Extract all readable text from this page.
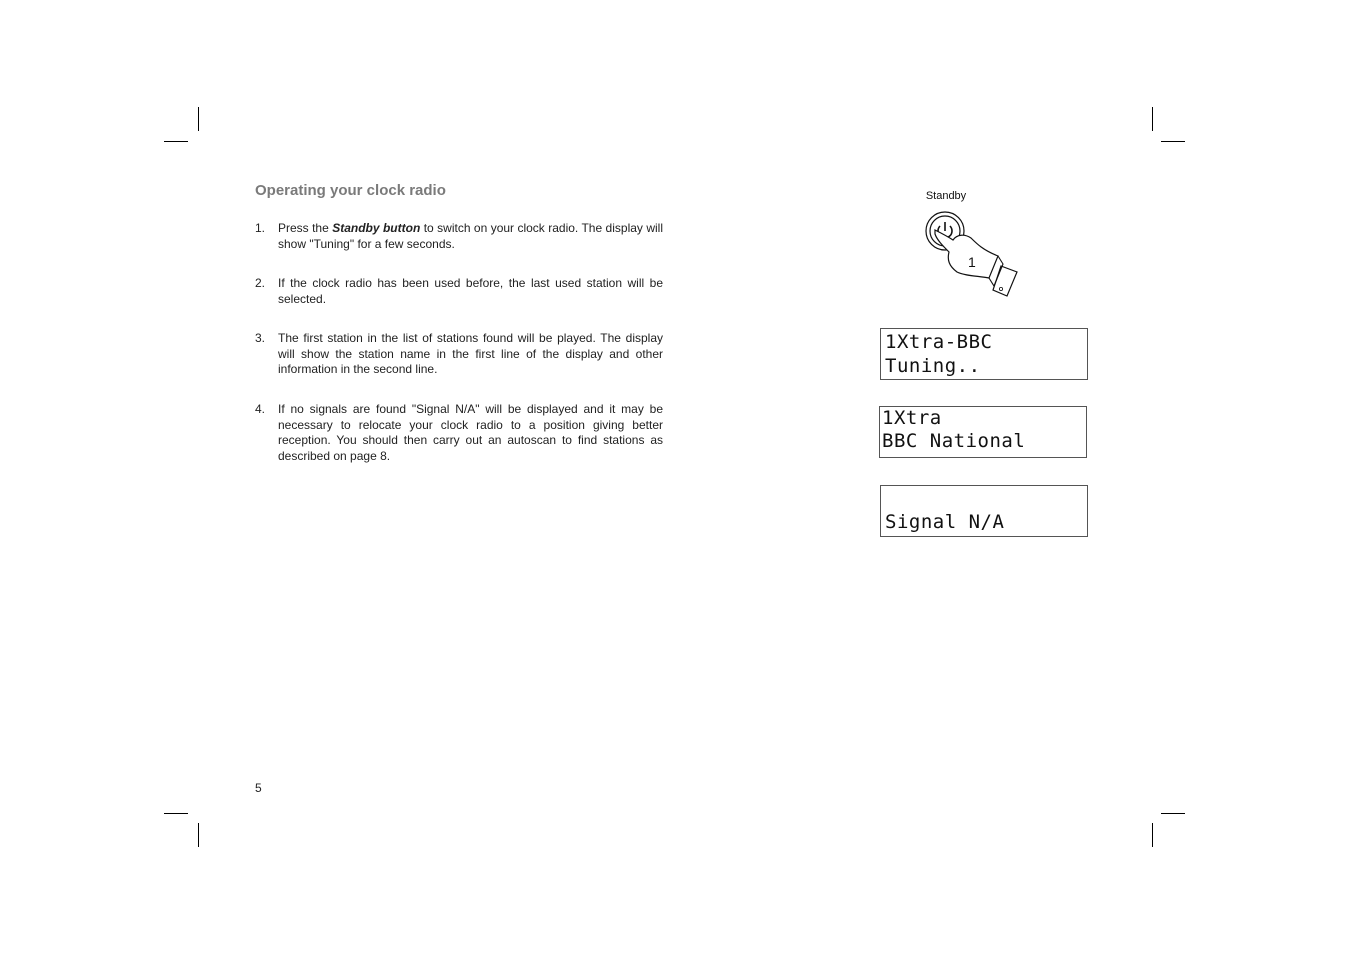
Operating your clock radio
1. Press the Standby button to switch on your clock radio. The display will show "Tuning" for a few seconds.
2. If the clock radio has been used before, the last used station will be selected.
3. The first station in the list of stations found will be played. The display will show the station name in the first line of the display and other information in the second line.
4. If no signals are found "Signal N/A" will be displayed and it may be necessary to relocate your clock radio to a position giving better reception. You should then carry out an autoscan to find stations as described on page 8.
5
Standby
1
1Xtra-BBC
Tuning..
1Xtra
BBC National
Signal N/A
